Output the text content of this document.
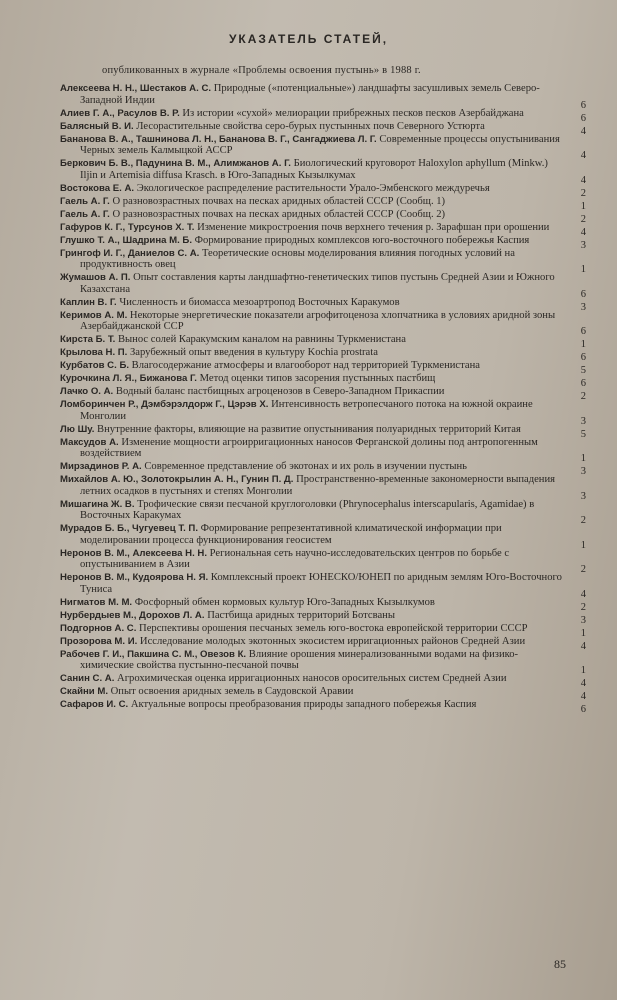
УКАЗАТЕЛЬ СТАТЕЙ,
опубликованных в журнале «Проблемы освоения пустынь» в 1988 г.
Алексеева Н. Н., Шестаков А. С. Природные («потенциальные») ландшафты засушливых земель Северо-Западной Индии	6
Алиев Г. А., Расулов В. Р. Из истории «сухой» мелиорации прибрежных песков песков Азербайджана	6
Балясный В. И. Лесорастительные свойства серо-бурых пустынных почв Северного Устюрта	4
Бананова В. А., Ташнинова Л. Н., Бананова В. Г., Сангаджиева Л. Г. Современные процессы опустынивания Черных земель Калмыцкой АССР	4
Беркович Б. В., Падунина В. М., Алимжанов А. Г. Биологический круговорот Haloxylon aphyllum (Minkw.) Iljin и Artemisia diffusa Krasch. в Юго-Западных Кызылкумах	4
Востокова Е. А. Экологическое распределение растительности Урало-Эмбенского междуречья	2
Гаель А. Г. О разновозрастных почвах на песках аридных областей СССР (Сообщ. 1)	1
Гаель А. Г. О разновозрастных почвах на песках аридных областей СССР (Сообщ. 2)	2
Гафуров К. Г., Турсунов Х. Т. Изменение микростроения почв верхнего течения р. Зарафшан при орошении	4
Глушко Т. А., Шадрина М. Б. Формирование природных комплексов юго-восточного побережья Каспия	3
Грингоф И. Г., Даниелов С. А. Теоретические основы моделирования влияния погодных условий на продуктивность овец	1
Жумашов А. П. Опыт составления карты ландшафтно-генетических типов пустынь Средней Азии и Южного Казахстана	6
Каплин В. Г. Численность и биомасса мезоартропод Восточных Каракумов	3
Керимов А. М. Некоторые энергетические показатели агрофитоценоза хлопчатника в условиях аридной зоны Азербайджанской ССР	6
Кирста Б. Т. Вынос солей Каракумским каналом на равнины Туркменистана	1
Крылова Н. П. Зарубежный опыт введения в культуру Kochia prostrata	6
Курбатов С. Б. Влагосодержание атмосферы и влагооборот над территорией Туркменистана	5
Курочкина Л. Я., Бижанова Г. Метод оценки типов засорения пустынных пастбищ	6
Лачко О. А. Водный баланс пастбищных агроценозов в Северо-Западном Прикаспии	2
Ломборинчен Р., Дэмбэрэлдорж Г., Цэрэв Х. Интенсивность ветропесчаного потока на южной окраине Монголии	3
Лю Шу. Внутренние факторы, влияющие на развитие опустынивания полуаридных территорий Китая	5
Максудов А. Изменение мощности агроирригационных наносов Ферганской долины под антропогенным воздействием	1
Мирзадинов Р. А. Современное представление об экотонах и их роль в изучении пустынь	3
Михайлов А. Ю., Золотокрылин А. Н., Гунин П. Д. Пространственно-временные закономерности выпадения летних осадков в пустынях и степях Монголии	3
Мишагина Ж. В. Трофические связи песчаной круглоголовки (Phrynocephalus interscapularis, Agamidae) в Восточных Каракумах	2
Мурадов Б. Б., Чугуевец Т. П. Формирование репрезентативной климатической информации при моделировании процесса функционирования геосистем	1
Неронов В. М., Алексеева Н. Н. Региональная сеть научно-исследовательских центров по борьбе с опустыниванием в Азии	2
Неронов В. М., Кудоярова Н. Я. Комплексный проект ЮНЕСКО/ЮНЕП по аридным землям Юго-Восточного Туниса	4
Нигматов М. М. Фосфорный обмен кормовых культур Юго-Западных Кызылкумов	2
Нурбердыев М., Дорохов Л. А. Пастбища аридных территорий Ботсваны	3
Подгорнов А. С. Перспективы орошения песчаных земель юго-востока европейской территории СССР	1
Прозорова М. И. Исследование молодых экотонных экосистем ирригационных районов Средней Азии	4
Рабочев Г. И., Пакшина С. М., Овезов К. Влияние орошения минерализованными водами на физико-химические свойства пустынно-песчаной почвы	1
Санин С. А. Агрохимическая оценка ирригационных наносов оросительных систем Средней Азии	4
Скайни М. Опыт освоения аридных земель в Саудовской Аравии	4
Сафаров И. С. Актуальные вопросы преобразования природы западного побережья Каспия	6
85
